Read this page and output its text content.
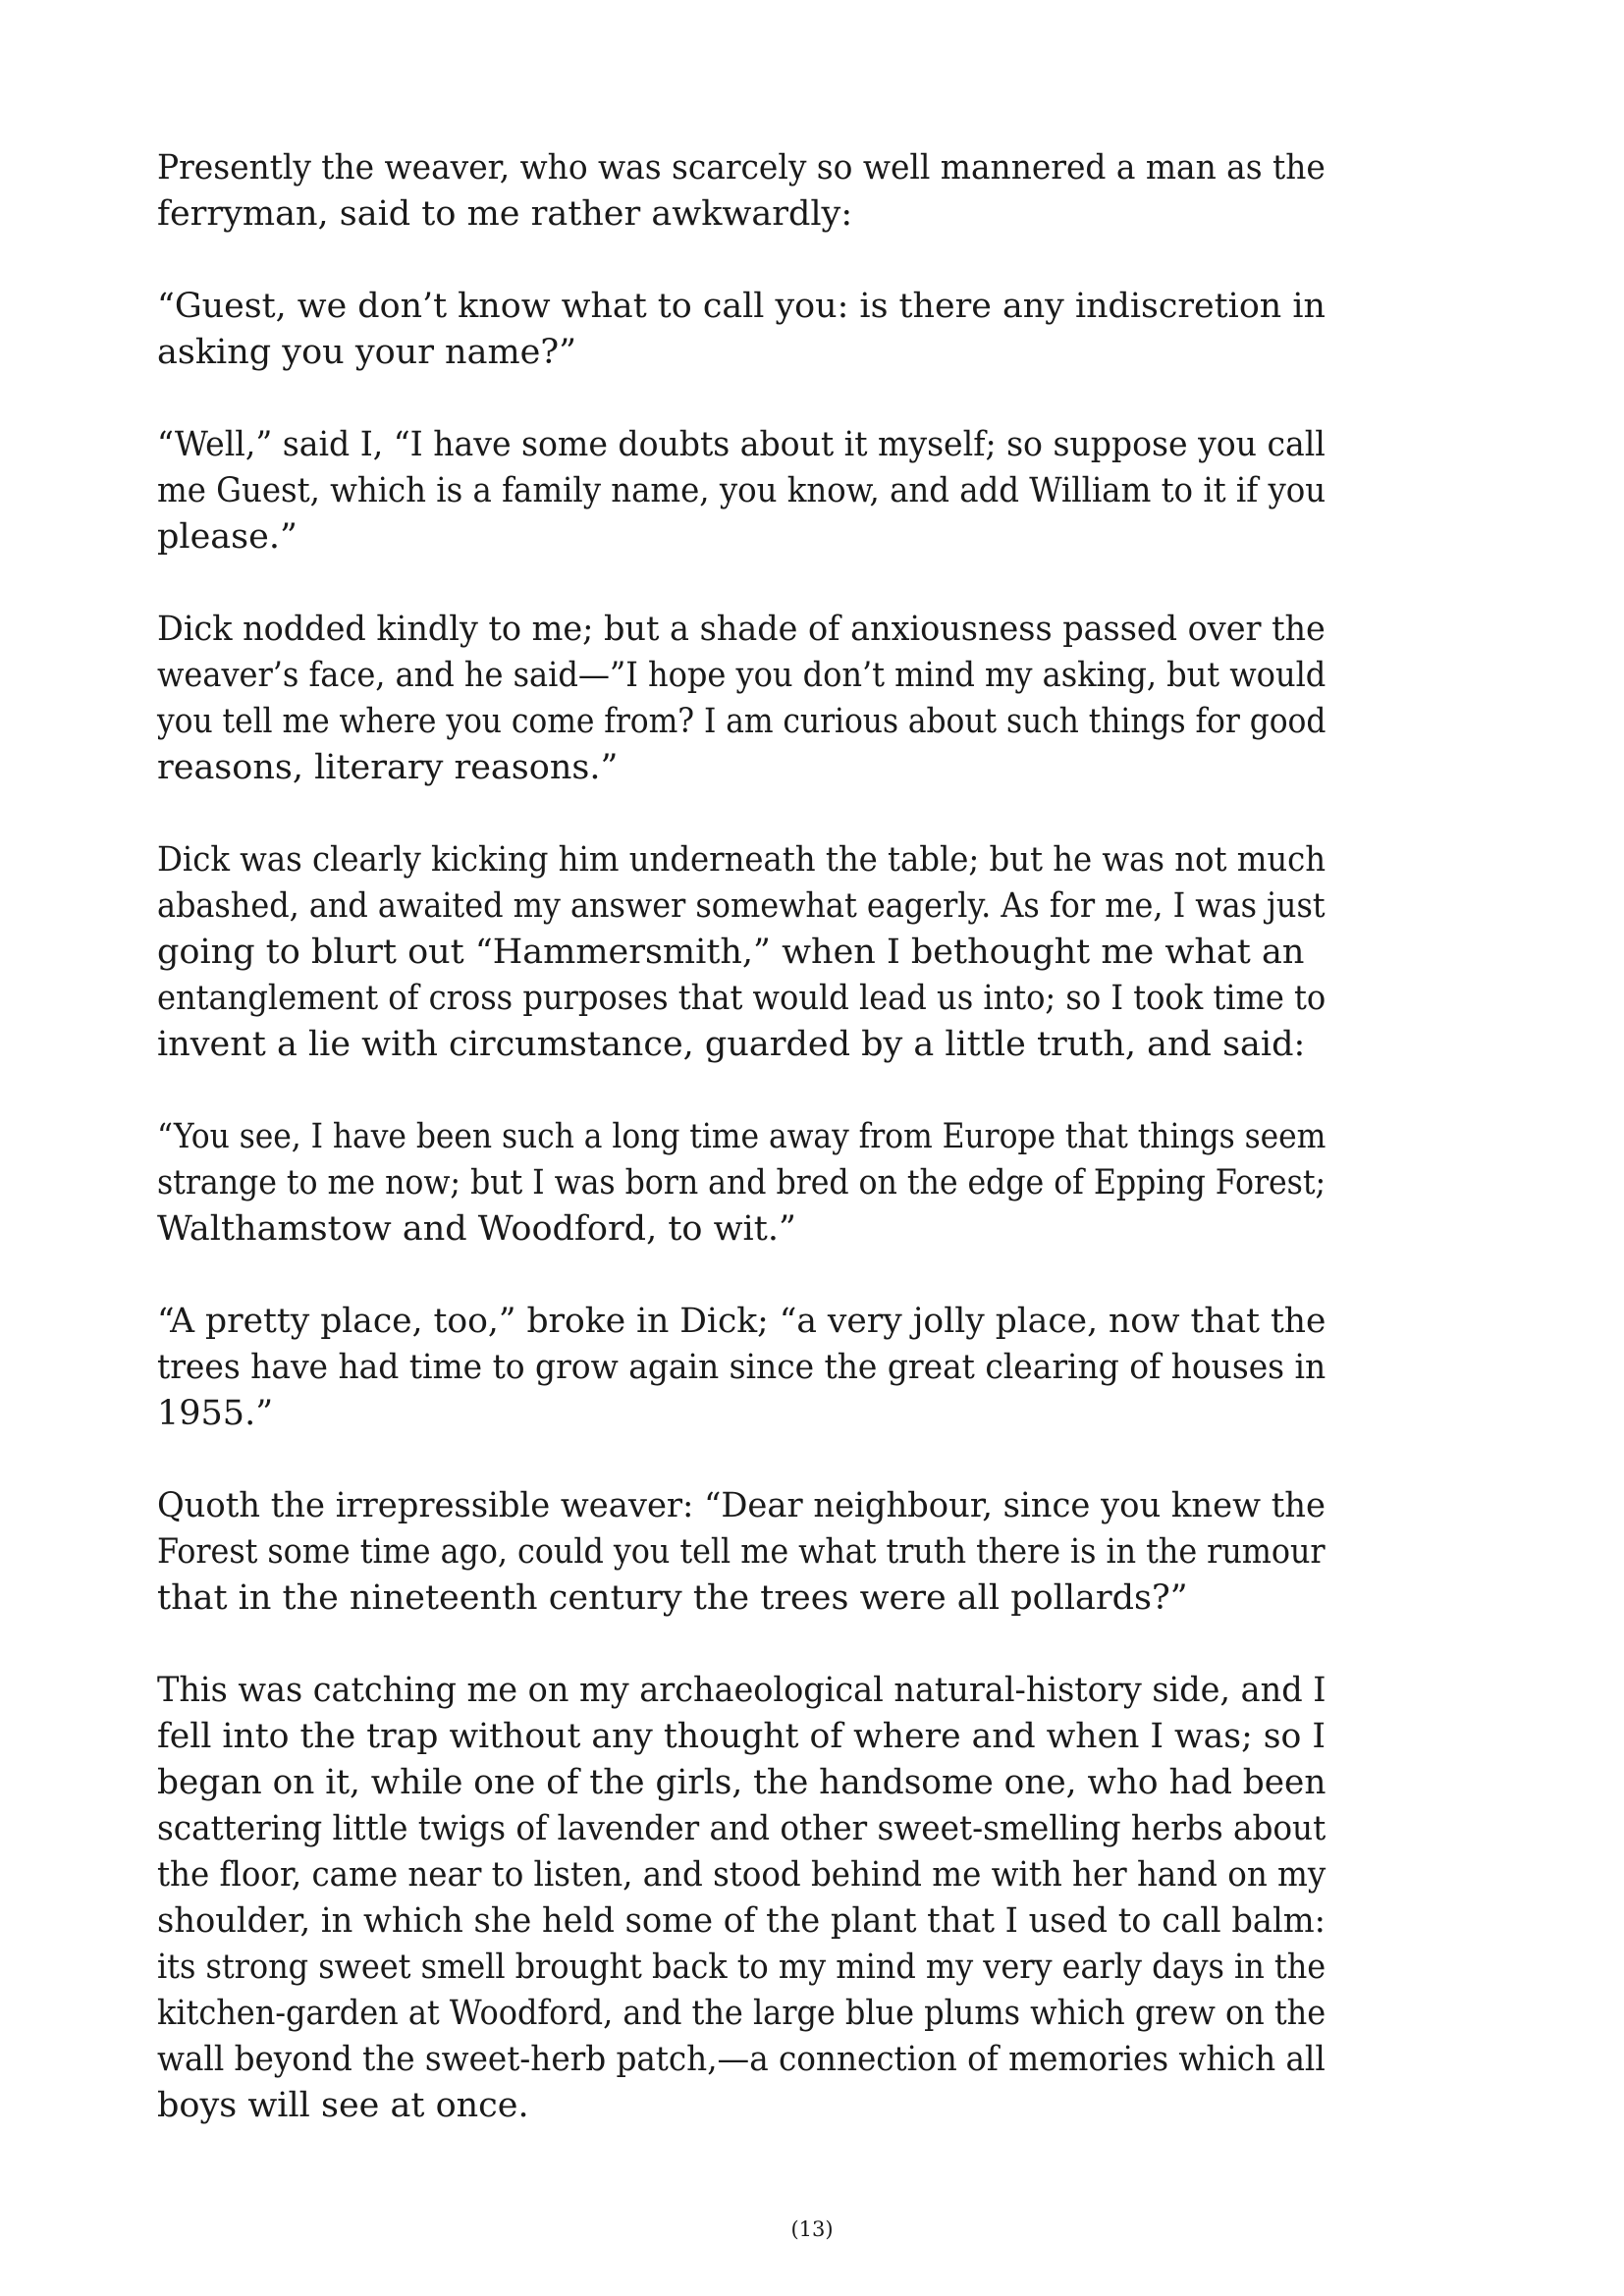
Presently the weaver, who was scarcely so well mannered a man as the
ferryman, said to me rather awkwardly:

“Guest, we don’t know what to call you: is there any indiscretion in
asking you your name?”

“Well,” said I, “I have some doubts about it myself; so suppose you call
me Guest, which is a family name, you know, and add William to it if you
please.”

Dick nodded kindly to me; but a shade of anxiousness passed over the
weaver’s face, and he said—”I hope you don’t mind my asking, but would
you tell me where you come from? I am curious about such things for good
reasons, literary reasons.”

Dick was clearly kicking him underneath the table; but he was not much
abashed, and awaited my answer somewhat eagerly. As for me, I was just
going to blurt out “Hammersmith,” when I bethought me what an
entanglement of cross purposes that would lead us into; so I took time to
invent a lie with circumstance, guarded by a little truth, and said:

“You see, I have been such a long time away from Europe that things seem
strange to me now; but I was born and bred on the edge of Epping Forest;
Walthamstow and Woodford, to wit.”

“A pretty place, too,” broke in Dick; “a very jolly place, now that the
trees have had time to grow again since the great clearing of houses in
1955.”

Quoth the irrepressible weaver: “Dear neighbour, since you knew the
Forest some time ago, could you tell me what truth there is in the rumour
that in the nineteenth century the trees were all pollards?”

This was catching me on my archaeological natural-history side, and I
fell into the trap without any thought of where and when I was; so I
began on it, while one of the girls, the handsome one, who had been
scattering little twigs of lavender and other sweet-smelling herbs about
the floor, came near to listen, and stood behind me with her hand on my
shoulder, in which she held some of the plant that I used to call balm:
its strong sweet smell brought back to my mind my very early days in the
kitchen-garden at Woodford, and the large blue plums which grew on the
wall beyond the sweet-herb patch,—a connection of memories which all
boys will see at once.

(13)
